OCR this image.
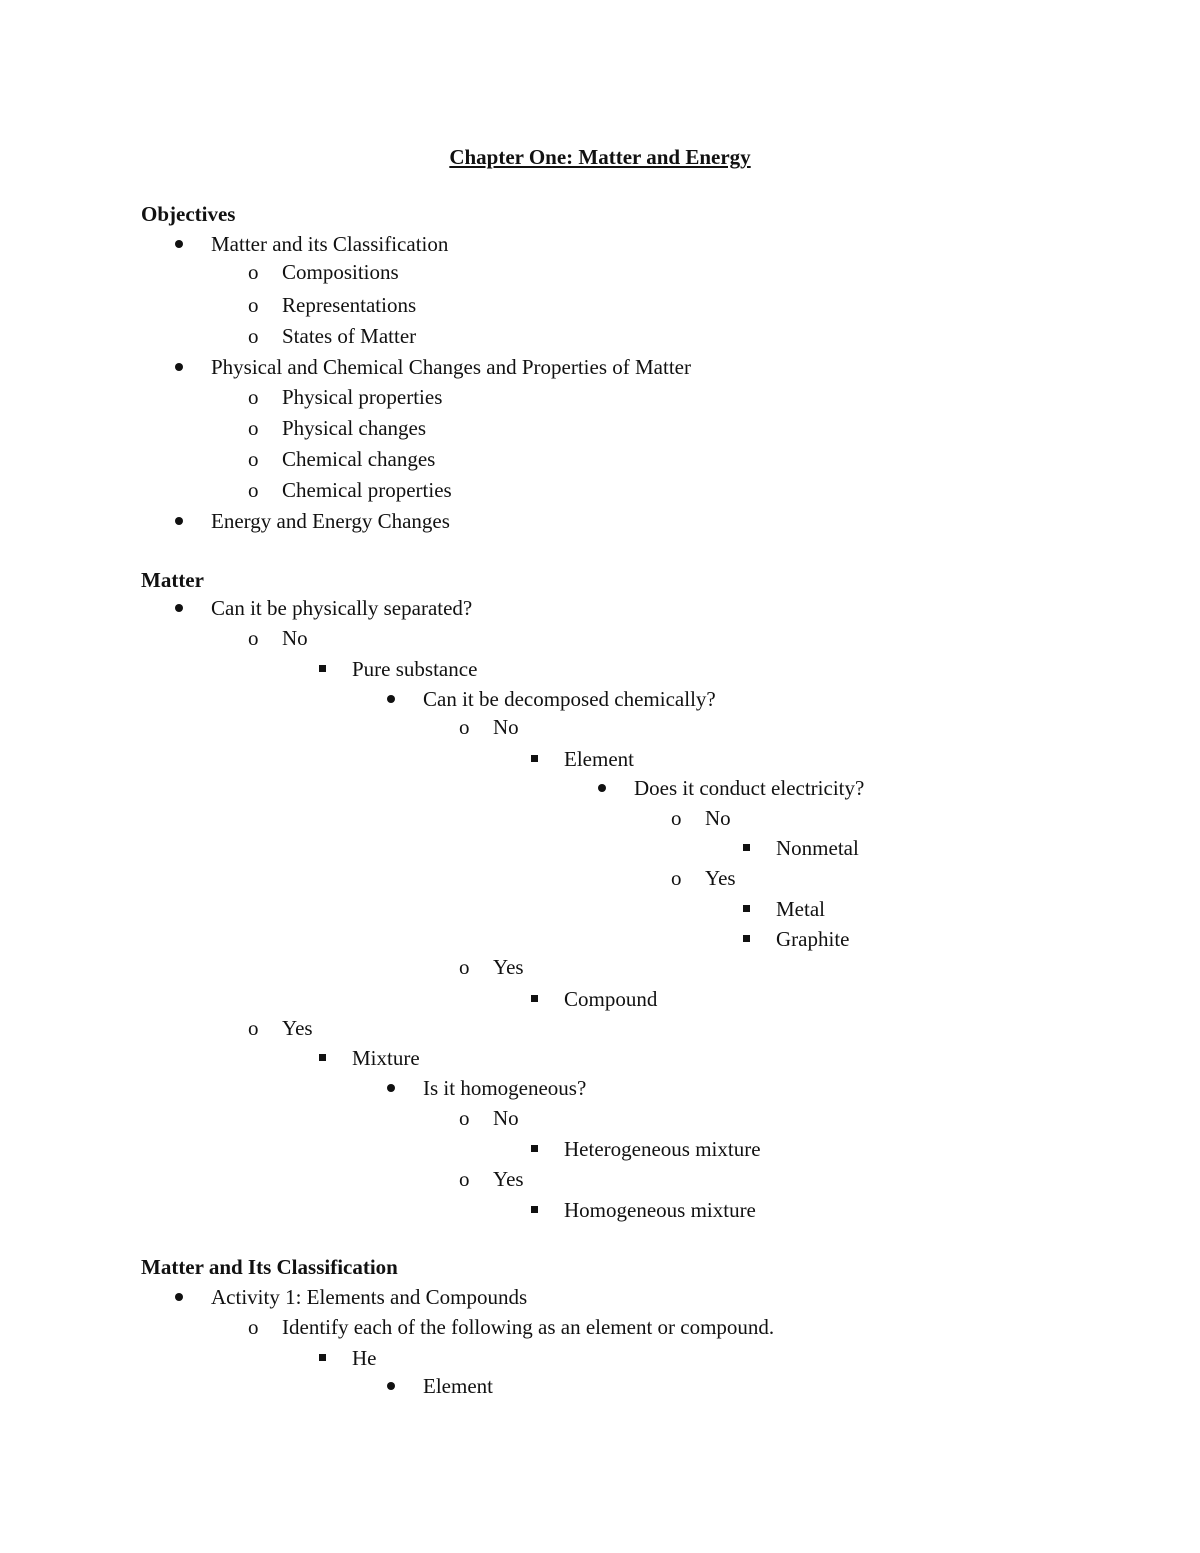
Chapter One: Matter and Energy
Objectives
Matter
Matter and Its Classification
Matter and its Classification
o Compositions
o Representations
o States of Matter
Physical and Chemical Changes and Properties of Matter
o Physical properties
o Physical changes
o Chemical changes
o Chemical properties
Energy and Energy Changes
Can it be physically separated?
o No
Pure substance
Can it be decomposed chemically?
o No
Element
Does it conduct electricity?
o No
Nonmetal
o Yes
Metal
Graphite
o Yes
Compound
o Yes
Mixture
Is it homogeneous?
o No
Heterogeneous mixture
o Yes
Homogeneous mixture
Activity 1: Elements and Compounds
o Identify each of the following as an element or compound.
He
Element
